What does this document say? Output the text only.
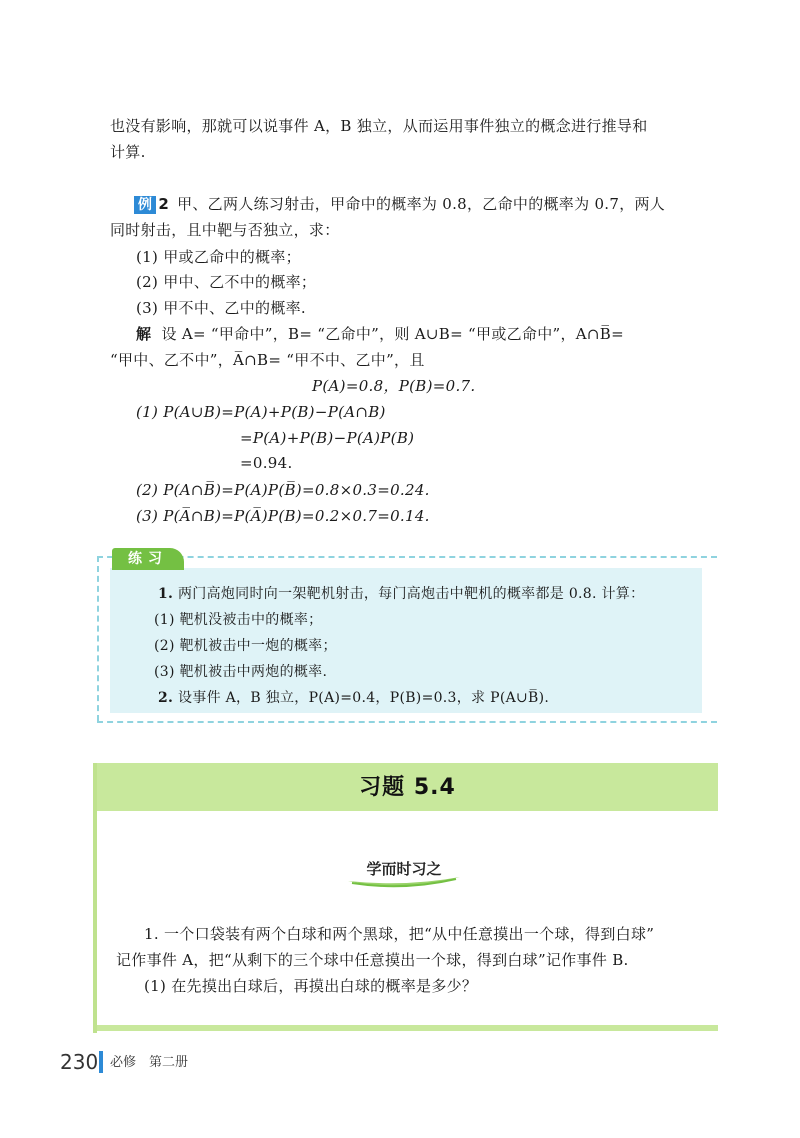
也没有影响，那就可以说事件 A，B 独立，从而运用事件独立的概念进行推导和
计算.
例 2 甲、乙两人练习射击，甲命中的概率为 0.8，乙命中的概率为 0.7，两人
同时射击，且中靶与否独立，求：
(1) 甲或乙命中的概率；
(2) 甲中、乙不中的概率；
(3) 甲不中、乙中的概率.
解 设 A= “甲命中”，B= “乙命中”，则 A∪B= “甲或乙命中”，A∩B̅=
“甲中、乙不中”，A̅∩B= “甲不中、乙中”，且
P(A)=0.8，P(B)=0.7.
(1) P(A∪B)=P(A)+P(B)−P(A∩B)
=P(A)+P(B)−P(A)P(B)
=0.94.
(2) P(A∩B̅)=P(A)P(B̅)=0.8×0.3=0.24.
(3) P(A̅∩B)=P(A̅)P(B)=0.2×0.7=0.14.
练习
1. 两门高炮同时向一架靶机射击，每门高炮击中靶机的概率都是 0.8. 计算：
(1) 靶机没被击中的概率；
(2) 靶机被击中一炮的概率；
(3) 靶机被击中两炮的概率.
2. 设事件 A，B 独立，P(A)=0.4，P(B)=0.3，求 P(A∪B̅).
习题 5.4
学而时习之
1. 一个口袋装有两个白球和两个黑球，把“从中任意摸出一个球，得到白球”
记作事件 A，把“从剩下的三个球中任意摸出一个球，得到白球”记作事件 B.
(1) 在先摸出白球后，再摸出白球的概率是多少？
230 必修　第二册
